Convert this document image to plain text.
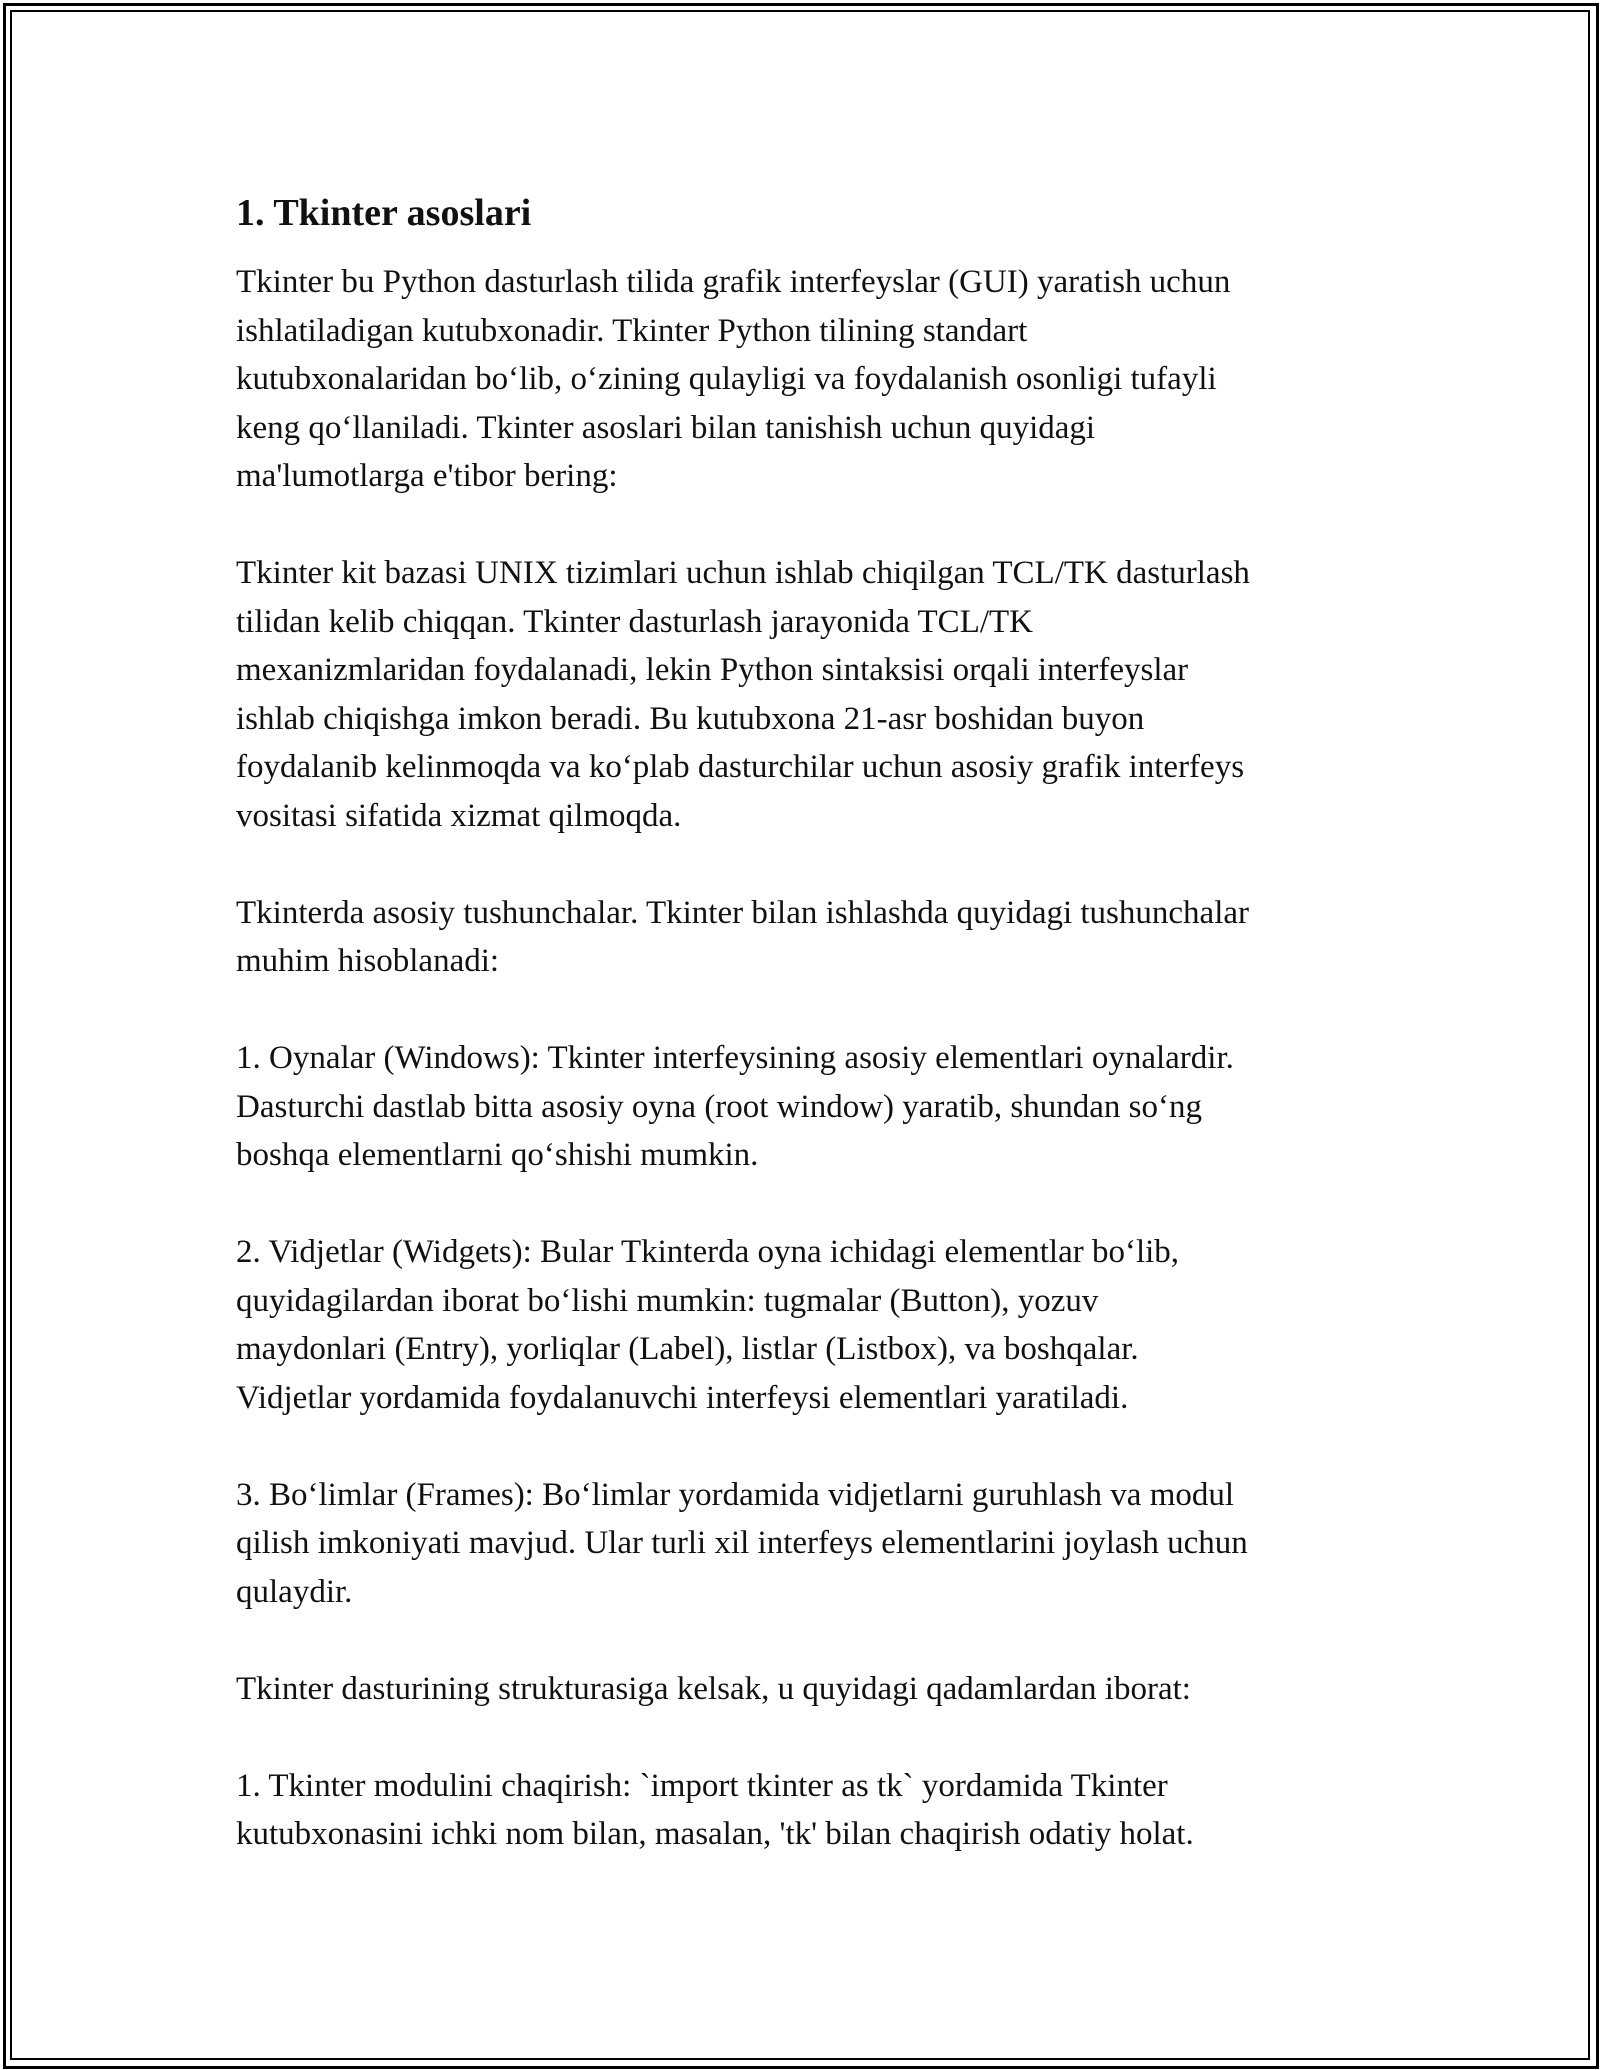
1. Tkinter asoslari
Tkinter bu Python dasturlash tilida grafik interfeyslar (GUI) yaratish uchun
ishlatiladigan kutubxonadir. Tkinter Python tilining standart
kutubxonalaridan bo‘lib, o‘zining qulayligi va foydalanish osonligi tufayli
keng qo‘llaniladi. Tkinter asoslari bilan tanishish uchun quyidagi
ma'lumotlarga e'tibor bering:
Tkinter kit bazasi UNIX tizimlari uchun ishlab chiqilgan TCL/TK dasturlash
tilidan kelib chiqqan. Tkinter dasturlash jarayonida TCL/TK
mexanizmlaridan foydalanadi, lekin Python sintaksisi orqali interfeyslar
ishlab chiqishga imkon beradi. Bu kutubxona 21-asr boshidan buyon
foydalanib kelinmoqda va ko‘plab dasturchilar uchun asosiy grafik interfeys
vositasi sifatida xizmat qilmoqda.
Tkinterda asosiy tushunchalar. Tkinter bilan ishlashda quyidagi tushunchalar
muhim hisoblanadi:
1. Oynalar (Windows): Tkinter interfeysining asosiy elementlari oynalardir.
Dasturchi dastlab bitta asosiy oyna (root window) yaratib, shundan so‘ng
boshqa elementlarni qo‘shishi mumkin.
2. Vidjetlar (Widgets): Bular Tkinterda oyna ichidagi elementlar bo‘lib,
quyidagilardan iborat bo‘lishi mumkin: tugmalar (Button), yozuv
maydonlari (Entry), yorliqlar (Label), listlar (Listbox), va boshqalar.
Vidjetlar yordamida foydalanuvchi interfeysi elementlari yaratiladi.
3. Bo‘limlar (Frames): Bo‘limlar yordamida vidjetlarni guruhlash va modul
qilish imkoniyati mavjud. Ular turli xil interfeys elementlarini joylash uchun
qulaydir.
Tkinter dasturining strukturasiga kelsak, u quyidagi qadamlardan iborat:
1. Tkinter modulini chaqirish: `import tkinter as tk` yordamida Tkinter
kutubxonasini ichki nom bilan, masalan, 'tk' bilan chaqirish odatiy holat.
